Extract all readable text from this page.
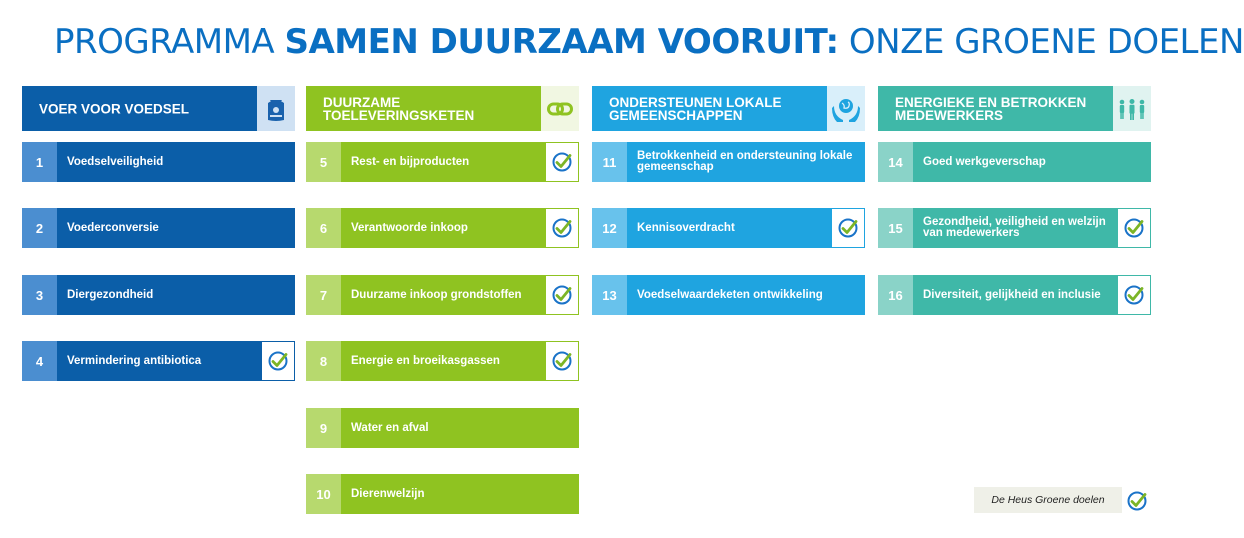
PROGRAMMA SAMEN DUURZAAM VOORUIT: ONZE GROENE DOELEN
VOER VOOR VOEDSEL
1	Voedselveiligheid
2	Voederconversie
3	Diergezondheid
4	Vermindering antibiotica
DUURZAME TOELEVERINGSKETEN
5	Rest- en bijproducten
6	Verantwoorde inkoop
7	Duurzame inkoop grondstoffen
8	Energie en broeikasgassen
9	Water en afval
10	Dierenwelzijn
ONDERSTEUNEN LOKALE GEMEENSCHAPPEN
11	Betrokkenheid en ondersteuning lokale gemeenschap
12	Kennisoverdracht
13	Voedselwaardeketen ontwikkeling
ENERGIEKE EN BETROKKEN MEDEWERKERS
14	Goed werkgeverschap
15	Gezondheid, veiligheid en welzijn van medewerkers
16	Diversiteit, gelijkheid en inclusie
De Heus Groene doelen
